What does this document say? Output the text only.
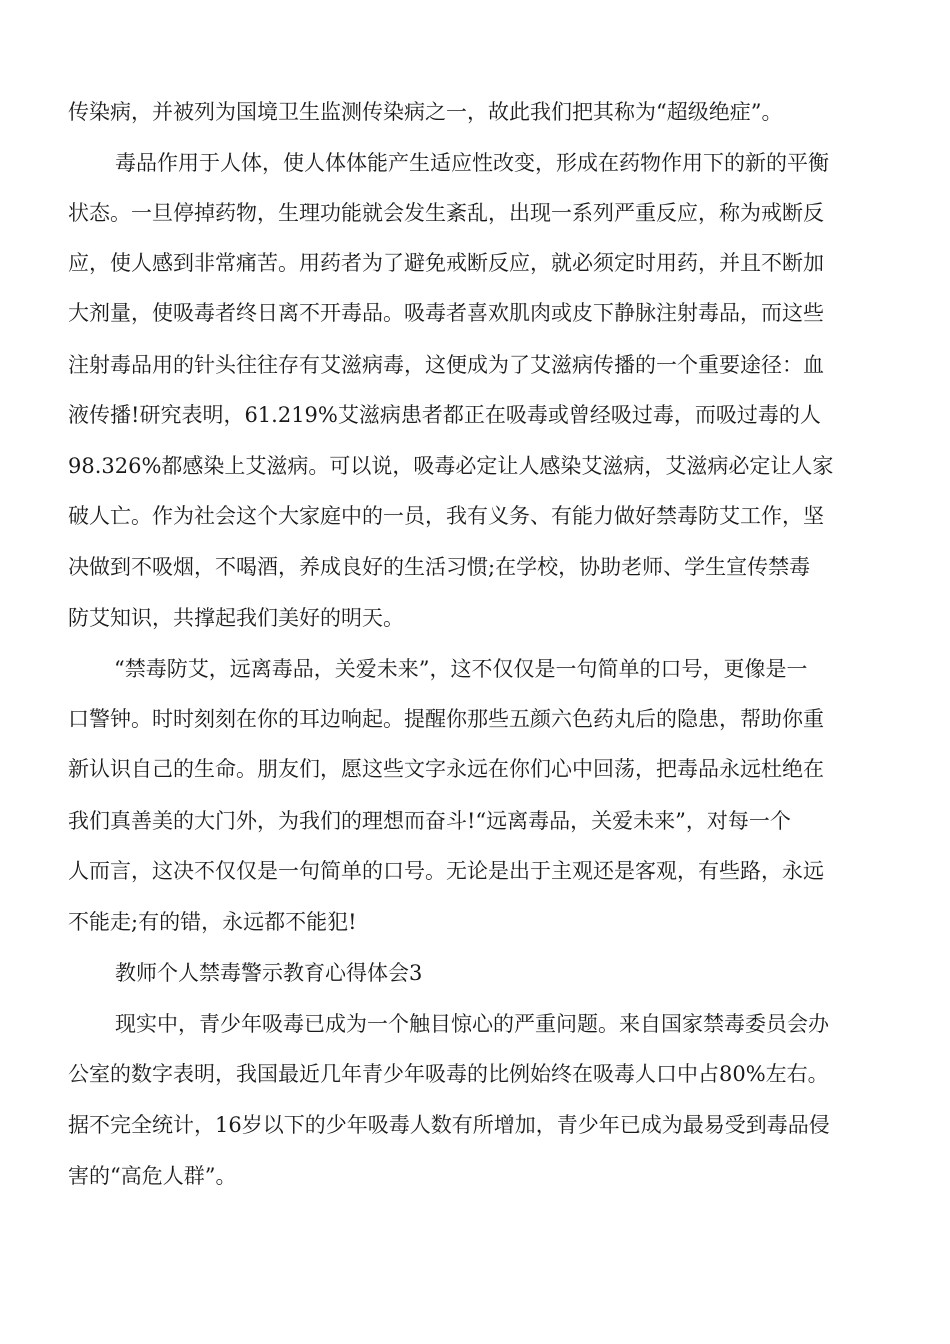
传染病，并被列为国境卫生监测传染病之一，故此我们把其称为“超级绝症”。
毒品作用于人体，使人体体能产生适应性改变，形成在药物作用下的新的平衡
状态。一旦停掉药物，生理功能就会发生紊乱，出现一系列严重反应，称为戒断反
应，使人感到非常痛苦。用药者为了避免戒断反应，就必须定时用药，并且不断加
大剂量，使吸毒者终日离不开毒品。吸毒者喜欢肌肉或皮下静脉注射毒品，而这些
注射毒品用的针头往往存有艾滋病毒，这便成为了艾滋病传播的一个重要途径：血
液传播!研究表明，61.219%艾滋病患者都正在吸毒或曾经吸过毒，而吸过毒的人
98.326%都感染上艾滋病。可以说，吸毒必定让人感染艾滋病，艾滋病必定让人家
破人亡。作为社会这个大家庭中的一员，我有义务、有能力做好禁毒防艾工作，坚
决做到不吸烟，不喝酒，养成良好的生活习惯;在学校，协助老师、学生宣传禁毒
防艾知识，共撑起我们美好的明天。
“禁毒防艾，远离毒品，关爱未来”，这不仅仅是一句简单的口号，更像是一
口警钟。时时刻刻在你的耳边响起。提醒你那些五颜六色药丸后的隐患，帮助你重
新认识自己的生命。朋友们，愿这些文字永远在你们心中回荡，把毒品永远杜绝在
我们真善美的大门外，为我们的理想而奋斗!“远离毒品，关爱未来”，对每一个
人而言，这决不仅仅是一句简单的口号。无论是出于主观还是客观，有些路，永远
不能走;有的错，永远都不能犯!
教师个人禁毒警示教育心得体会3
现实中，青少年吸毒已成为一个触目惊心的严重问题。来自国家禁毒委员会办
公室的数字表明，我国最近几年青少年吸毒的比例始终在吸毒人口中占80%左右。
据不完全统计，16岁以下的少年吸毒人数有所增加，青少年已成为最易受到毒品侵
害的“高危人群”。
